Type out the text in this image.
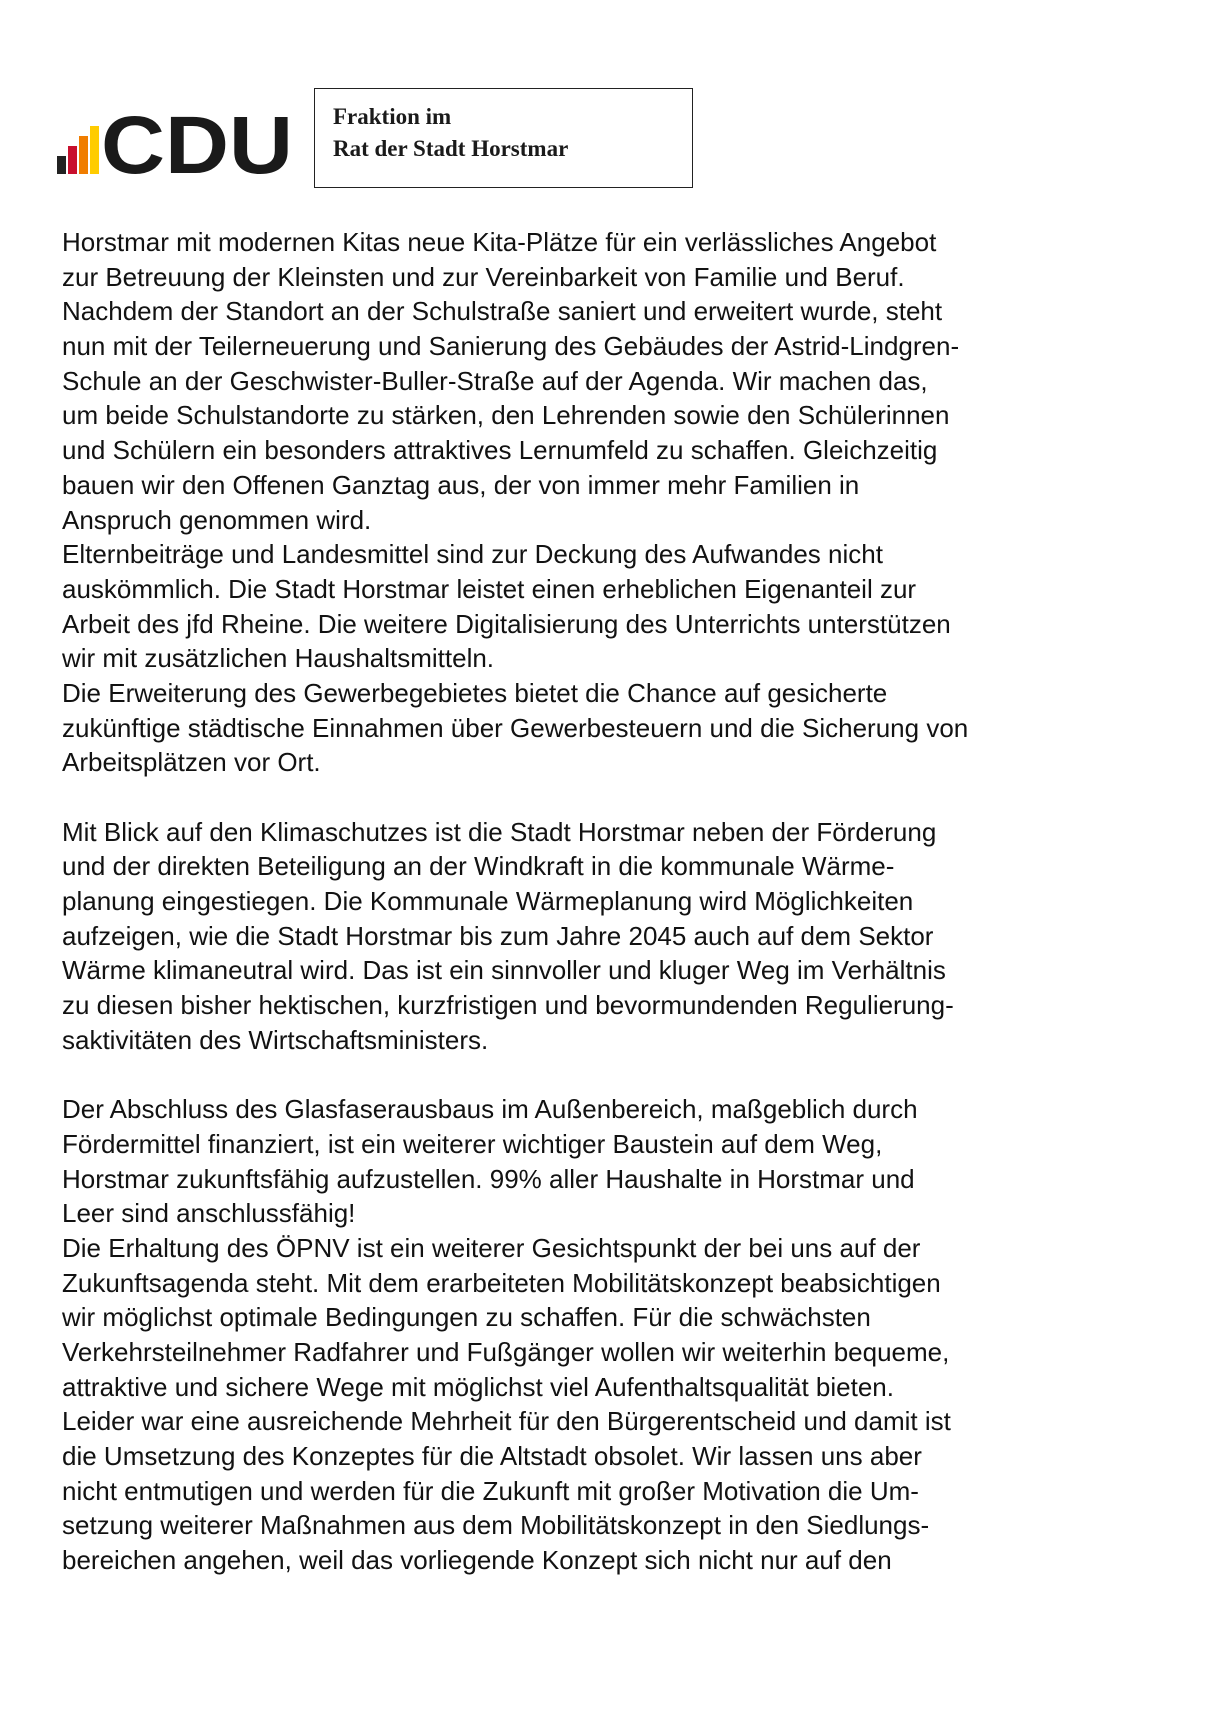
CDU Fraktion im
Rat der Stadt Horstmar
Horstmar mit modernen Kitas neue Kita-Plätze für ein verlässliches Angebot
zur Betreuung der Kleinsten und zur Vereinbarkeit von Familie und Beruf.
Nachdem der Standort an der Schulstraße saniert und erweitert wurde, steht
nun mit der Teilerneuerung und Sanierung des Gebäudes der Astrid-Lindgren-
Schule an der Geschwister-Buller-Straße auf der Agenda. Wir machen das,
um beide Schulstandorte zu stärken, den Lehrenden sowie den Schülerinnen
und Schülern ein besonders attraktives Lernumfeld zu schaffen. Gleichzeitig
bauen wir den Offenen Ganztag aus, der von immer mehr Familien in
Anspruch genommen wird.
Elternbeiträge und Landesmittel sind zur Deckung des Aufwandes nicht
auskömmlich. Die Stadt Horstmar leistet einen erheblichen Eigenanteil zur
Arbeit des jfd Rheine. Die weitere Digitalisierung des Unterrichts unterstützen
wir mit zusätzlichen Haushaltsmitteln.
Die Erweiterung des Gewerbegebietes bietet die Chance auf gesicherte
zukünftige städtische Einnahmen über Gewerbesteuern und die Sicherung von
Arbeitsplätzen vor Ort.
Mit Blick auf den Klimaschutzes ist die Stadt Horstmar neben der Förderung
und der direkten Beteiligung an der Windkraft in die kommunale Wärme-
planung eingestiegen. Die Kommunale Wärmeplanung wird Möglichkeiten
aufzeigen, wie die Stadt Horstmar bis zum Jahre 2045 auch auf dem Sektor
Wärme klimaneutral wird. Das ist ein sinnvoller und kluger Weg im Verhältnis
zu diesen bisher hektischen, kurzfristigen und bevormundenden Regulierung-
saktivitäten des Wirtschaftsministers.
Der Abschluss des Glasfaserausbaus im Außenbereich, maßgeblich durch
Fördermittel finanziert, ist ein weiterer wichtiger Baustein auf dem Weg,
Horstmar zukunftsfähig aufzustellen. 99% aller Haushalte in Horstmar und
Leer sind anschlussfähig!
Die Erhaltung des ÖPNV ist ein weiterer Gesichtspunkt der bei uns auf der
Zukunftsagenda steht. Mit dem erarbeiteten Mobilitätskonzept beabsichtigen
wir möglichst optimale Bedingungen zu schaffen. Für die schwächsten
Verkehrsteilnehmer Radfahrer und Fußgänger wollen wir weiterhin bequeme,
attraktive und sichere Wege mit möglichst viel Aufenthaltsqualität bieten.
Leider war eine ausreichende Mehrheit für den Bürgerentscheid und damit ist
die Umsetzung des Konzeptes für die Altstadt obsolet. Wir lassen uns aber
nicht entmutigen und werden für die Zukunft mit großer Motivation die Um-
setzung weiterer Maßnahmen aus dem Mobilitätskonzept in den Siedlungs-
bereichen angehen, weil das vorliegende Konzept sich nicht nur auf den
